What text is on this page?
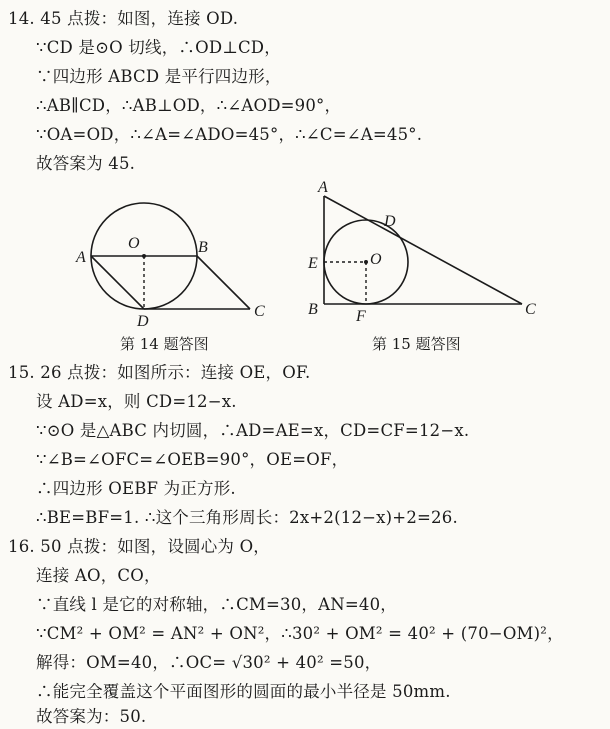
14. 45 点拨：如图，连接 OD.
∵CD 是⊙O 切线，∴OD⊥CD，
∵四边形 ABCD 是平行四边形，
∴AB∥CD，∴AB⊥OD，∴∠AOD=90°，
∵OA=OD，∴∠A=∠ADO=45°，∴∠C=∠A=45°.
故答案为 45.
A
B
O
D
C
第 14 题答图
A
D
E	O
B F	C
第 15 题答图
15. 26 点拨：如图所示：连接 OE，OF.
设 AD=x，则 CD=12−x.
∵⊙O 是△ABC 内切圆，∴AD=AE=x，CD=CF=12−x.
∵∠B=∠OFC=∠OEB=90°，OE=OF，
∴四边形 OEBF 为正方形.
∴BE=BF=1. ∴这个三角形周长：2x+2(12−x)+2=26.
16. 50 点拨：如图，设圆心为 O，
连接 AO，CO，
∵直线 l 是它的对称轴，∴CM=30，AN=40，
∵CM² + OM² = AN² + ON²，∴30² + OM² = 40² + (70−OM)²，
解得：OM=40，∴OC= √30² + 40² =50，
∴能完全覆盖这个平面图形的圆面的最小半径是 50mm.
故答案为：50.
